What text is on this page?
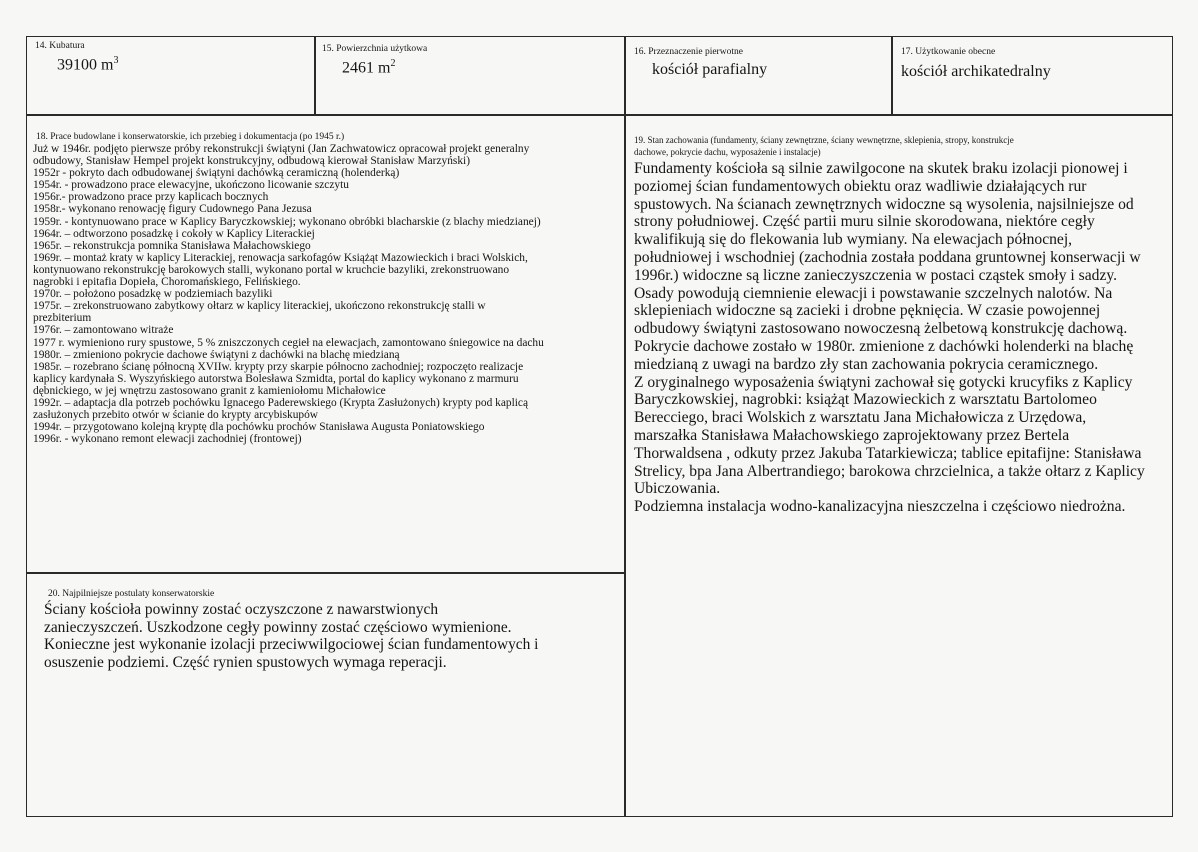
14. Kubatura
39100 $m^3$
15. Powierzchnia użytkowa
2461 $m^2$
16. Przeznaczenie pierwotne
kościół parafialny
17. Użytkowanie obecne
kościół archikatedralny
18. Prace budowlane i konserwatorskie, ich przebieg i dokumentacja (po 1945 r.)
Już w 1946r. podjęto pierwsze próby rekonstrukcji świątyni (Jan Zachwatowicz opracował projekt generalny
odbudowy, Stanisław Hempel projekt konstrukcyjny, odbudową kierował Stanisław Marzyński)
1952r - pokryto dach odbudowanej świątyni dachówką ceramiczną (holenderką)
1954r. - prowadzono prace elewacyjne, ukończono licowanie szczytu
1956r.- prowadzono prace przy kaplicach bocznych
1958r.- wykonano renowację figury Cudownego Pana Jezusa
1959r. - kontynuowano prace w Kaplicy Baryczkowskiej; wykonano obróbki blacharskie (z blachy miedzianej)
1964r. – odtworzono posadzkę i cokoły w Kaplicy Literackiej
1965r. – rekonstrukcja pomnika Stanisława Małachowskiego
1969r. – montaż kraty w kaplicy Literackiej, renowacja sarkofagów Książąt Mazowieckich i braci Wolskich,
kontynuowano rekonstrukcję barokowych stalli, wykonano portal w kruchcie bazyliki, zrekonstruowano
nagrobki i epitafia Dopieła, Choromańskiego, Felińskiego.
1970r. – położono posadzkę w podziemiach bazyliki
1975r. – zrekonstruowano zabytkowy ołtarz w kaplicy literackiej, ukończono rekonstrukcję stalli w
prezbiterium
1976r. – zamontowano witraże
1977 r. wymieniono rury spustowe, 5 % zniszczonych cegieł na elewacjach, zamontowano śniegowice na dachu
1980r. – zmieniono pokrycie dachowe świątyni z dachówki na blachę miedzianą
1985r. – rozebrano ścianę północną XVIIw. krypty przy skarpie północno zachodniej; rozpoczęto realizacje
kaplicy kardynała S. Wyszyńskiego autorstwa Bolesława Szmidta, portal do kaplicy wykonano z marmuru
dębnickiego, w jej wnętrzu zastosowano granit z kamieniołomu Michałowice
1992r. – adaptacja dla potrzeb pochówku Ignacego Paderewskiego (Krypta Zasłużonych) krypty pod kaplicą
zasłużonych przebito otwór w ścianie do krypty arcybiskupów
1994r. – przygotowano kolejną kryptę dla pochówku prochów Stanisława Augusta Poniatowskiego
1996r. - wykonano remont elewacji zachodniej (frontowej)
19. Stan zachowania (fundamenty, ściany zewnętrzne, ściany wewnętrzne, sklepienia, stropy, konstrukcje
dachowe, pokrycie dachu, wyposażenie i instalacje)

Fundamenty kościoła są silnie zawilgocone na skutek braku izolacji pionowej i poziomej ścian fundamentowych obiektu oraz wadliwie działających rur spustowych. Na ścianach zewnętrznych widoczne są wysolenia, najsilniejsze od strony południowej. Część partii muru silnie skorodowana, niektóre cegły kwalifikują się do flekowania lub wymiany. Na elewacjach północnej, południowej i wschodniej (zachodnia została poddana gruntownej konserwacji w 1996r.) widoczne są liczne zanieczyszczenia w postaci cząstek smoły i sadzy. Osady powodują ciemnienie elewacji i powstawanie szczelnych nalotów. Na sklepieniach widoczne są zacieki i drobne pęknięcia. W czasie powojennej odbudowy świątyni zastosowano nowoczesną żelbetową konstrukcję dachową. Pokrycie dachowe zostało w 1980r. zmienione z dachówki holenderki na blachę miedzianą z uwagi na bardzo zły stan zachowania pokrycia ceramicznego.

Z oryginalnego wyposażenia świątyni zachował się gotycki krucyfiks z Kaplicy Baryczkowskiej, nagrobki: książąt Mazowieckich z warsztatu Bartolomeo Berecciego, braci Wolskich z warsztatu Jana Michałowicza z Urzędowa, marszałka Stanisława Małachowskiego zaprojektowany przez Bertela Thorwaldsena , odkuty przez Jakuba Tatarkiewicza; tablice epitafijne: Stanisława Strelicy, bpa Jana Albertrandiego; barokowa chrzcielnica, a także ołtarz z Kaplicy Ubiczowania.

Podziemna instalacja wodno-kanalizacyjna nieszczelna i częściowo niedrożna.

20. Najpilniejsze postulaty konserwatorskie

Ściany kościoła powinny zostać oczyszczone z nawarstwionych

zanieczyszczeń. Uszkodzone cegły powinny zostać częściowo wymienione.

Konieczne jest wykonanie izolacji przeciwwilgociowej ścian fundamentowych i

osuszenie podziemi. Część rynien spustowych wymaga reperacji.
